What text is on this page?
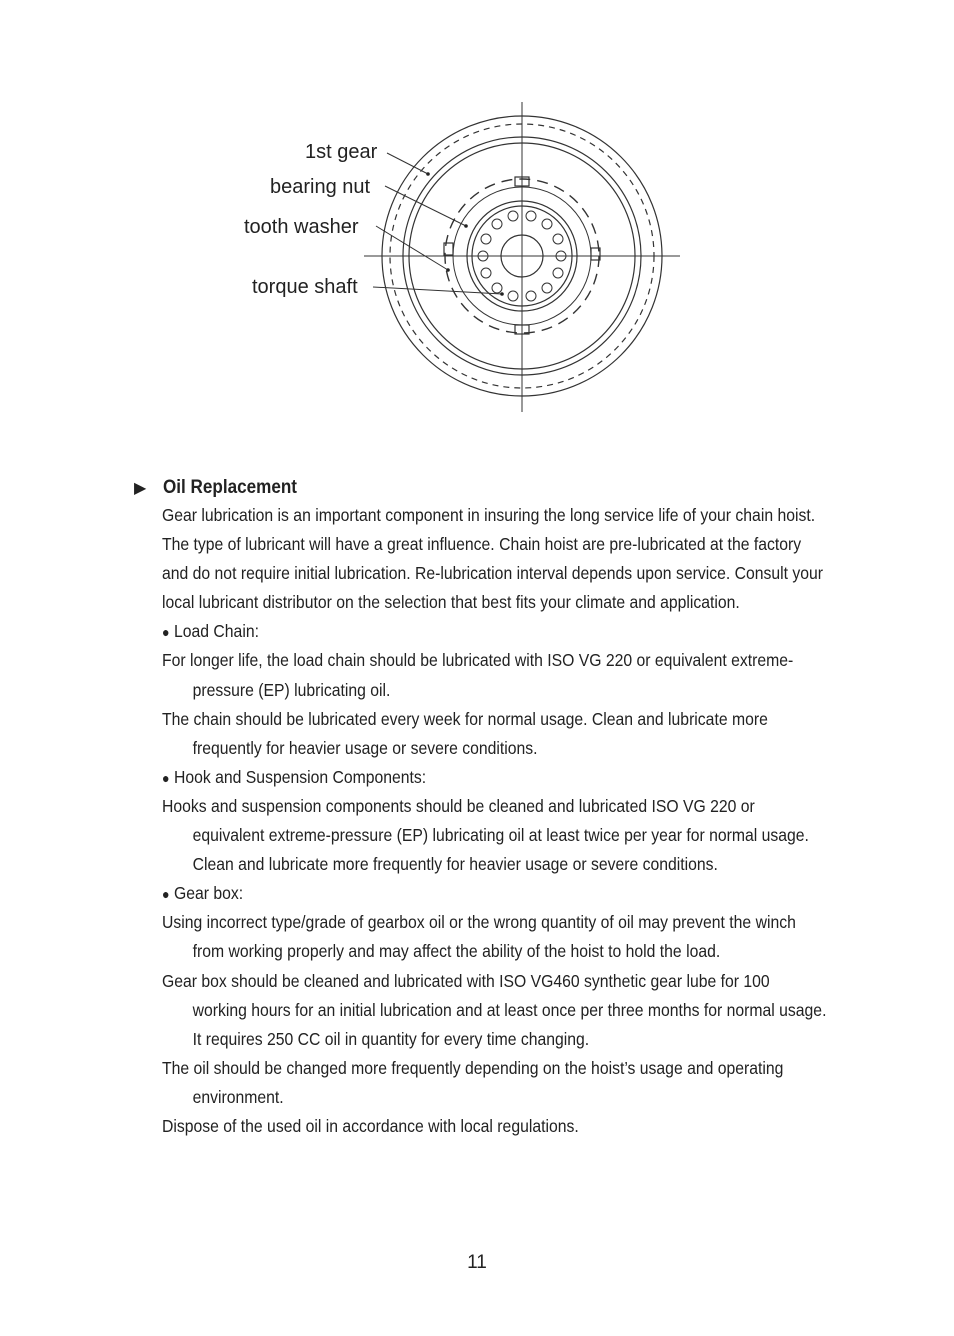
1st gear
bearing nut
tooth washer
torque shaft
▶ Oil Replacement
Gear lubrication is an important component in insuring the long service life of your chain hoist.
The type of lubricant will have a great influence. Chain hoist are pre-lubricated at the factory
and do not require initial lubrication. Re-lubrication interval depends upon service. Consult your
local lubricant distributor on the selection that best fits your climate and application.
● Load Chain:
For longer life, the load chain should be lubricated with ISO VG 220 or equivalent extreme-
pressure (EP) lubricating oil.
The chain should be lubricated every week for normal usage. Clean and lubricate more
frequently for heavier usage or severe conditions.
● Hook and Suspension Components:
Hooks and suspension components should be cleaned and lubricated ISO VG 220 or
equivalent extreme-pressure (EP) lubricating oil at least twice per year for normal usage.
Clean and lubricate more frequently for heavier usage or severe conditions.
● Gear box:
Using incorrect type/grade of gearbox oil or the wrong quantity of oil may prevent the winch
from working properly and may affect the ability of the hoist to hold the load.
Gear box should be cleaned and lubricated with ISO VG460 synthetic gear lube for 100
working hours for an initial lubrication and at least once per three months for normal usage.
It requires 250 CC oil in quantity for every time changing.
The oil should be changed more frequently depending on the hoist’s usage and operating
environment.
Dispose of the used oil in accordance with local regulations.
11
